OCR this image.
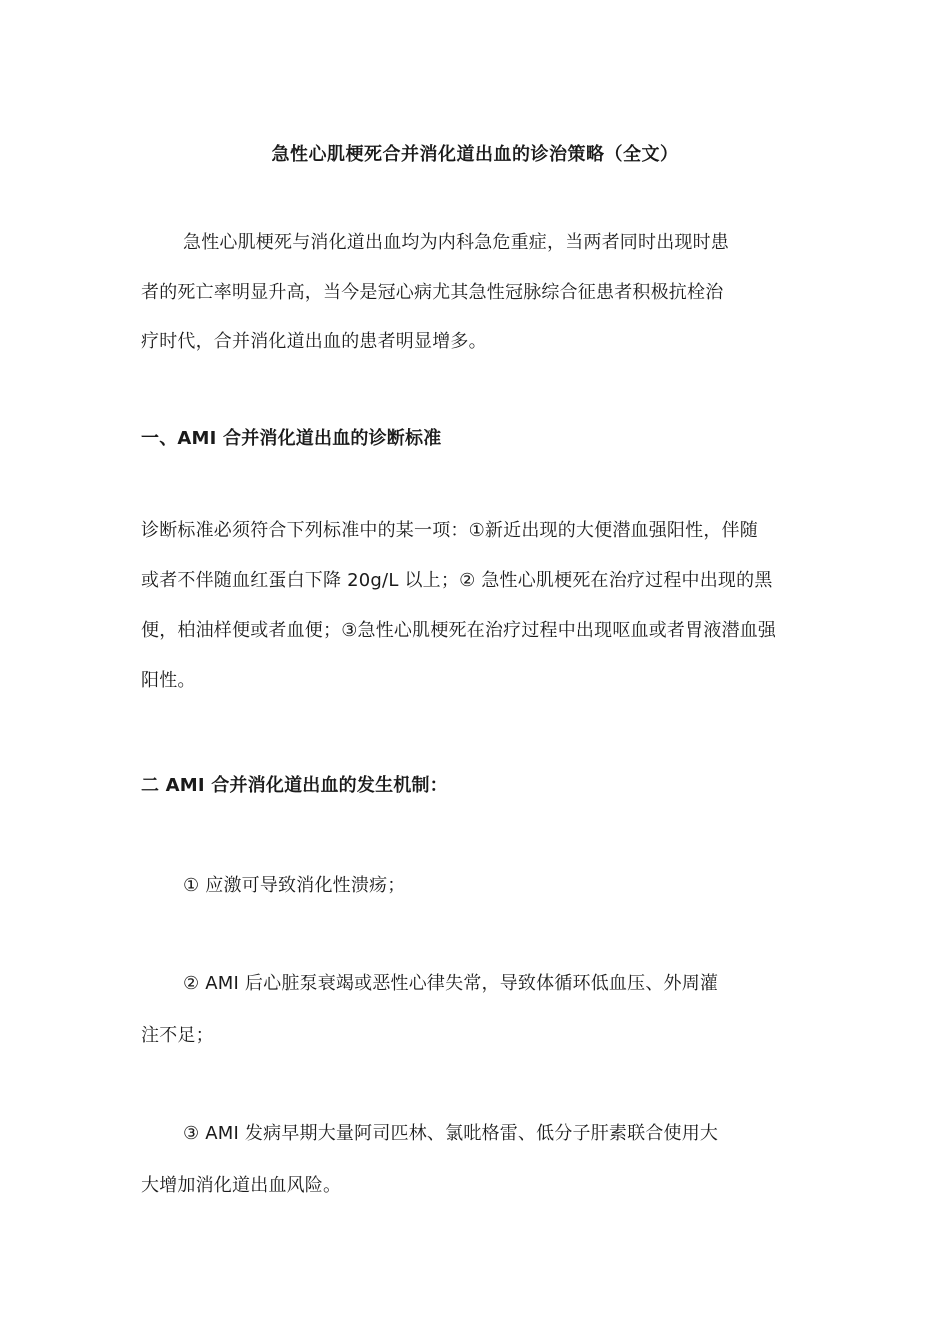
急性心肌梗死合并消化道出血的诊治策略（全文）
急性心肌梗死与消化道出血均为内科急危重症，当两者同时出现时患
者的死亡率明显升高，当今是冠心病尤其急性冠脉综合征患者积极抗栓治
疗时代，合并消化道出血的患者明显增多。
一、AMI 合并消化道出血的诊断标准
诊断标准必须符合下列标准中的某一项：①新近出现的大便潜血强阳性，伴随
或者不伴随血红蛋白下降 20g/L 以上；② 急性心肌梗死在治疗过程中出现的黑
便，柏油样便或者血便；③急性心肌梗死在治疗过程中出现呕血或者胃液潜血强
阳性。
二 AMI 合并消化道出血的发生机制：
① 应激可导致消化性溃疡；
② AMI 后心脏泵衰竭或恶性心律失常，导致体循环低血压、外周灌
注不足；
③ AMI 发病早期大量阿司匹林、氯吡格雷、低分子肝素联合使用大
大增加消化道出血风险。
